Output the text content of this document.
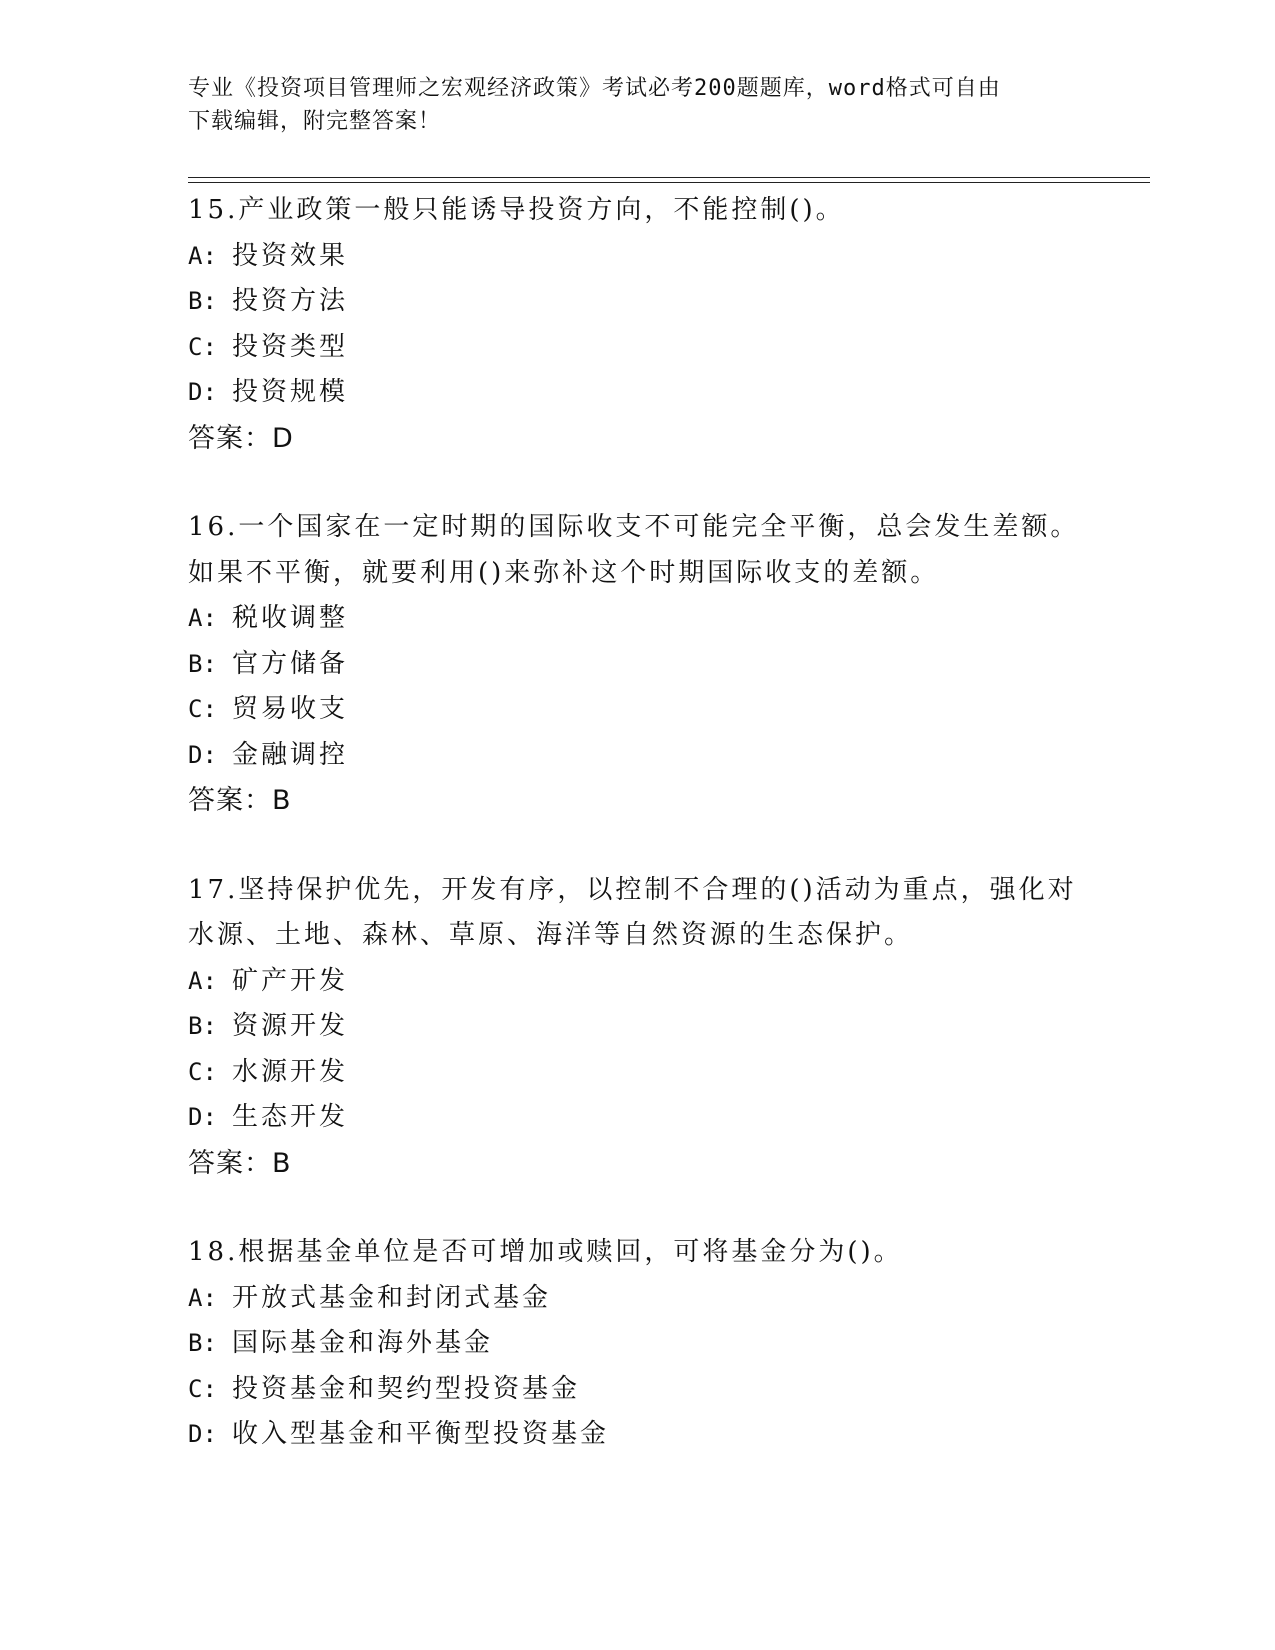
专业《投资项目管理师之宏观经济政策》考试必考200题题库，word格式可自由
下载编辑，附完整答案！
15.产业政策一般只能诱导投资方向，不能控制()。
A: 投资效果
B: 投资方法
C: 投资类型
D: 投资规模
答案：D
16.一个国家在一定时期的国际收支不可能完全平衡，总会发生差额。
如果不平衡，就要利用()来弥补这个时期国际收支的差额。
A: 税收调整
B: 官方储备
C: 贸易收支
D: 金融调控
答案：B
17.坚持保护优先，开发有序，以控制不合理的()活动为重点，强化对
水源、土地、森林、草原、海洋等自然资源的生态保护。
A: 矿产开发
B: 资源开发
C: 水源开发
D: 生态开发
答案：B
18.根据基金单位是否可增加或赎回，可将基金分为()。
A: 开放式基金和封闭式基金
B: 国际基金和海外基金
C: 投资基金和契约型投资基金
D: 收入型基金和平衡型投资基金
